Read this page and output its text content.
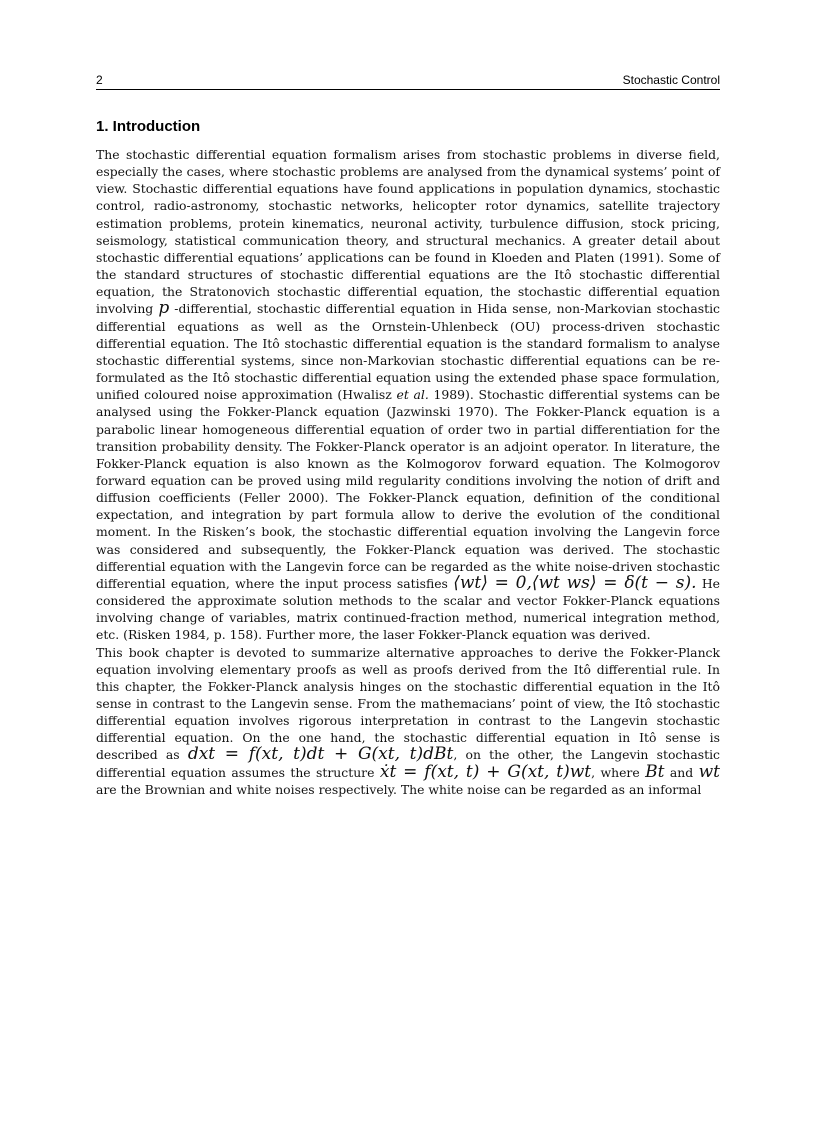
2	Stochastic Control
1. Introduction

The stochastic differential equation formalism arises from stochastic problems in diverse field, especially the cases, where stochastic problems are analysed from the dynamical systems’ point of view. Stochastic differential equations have found applications in population dynamics, stochastic control, radio-astronomy, stochastic networks, helicopter rotor dynamics, satellite trajectory estimation problems, protein kinematics, neuronal activity, turbulence diffusion, stock pricing, seismology, statistical communication theory, and structural mechanics. A greater detail about stochastic differential equations’ applications can be found in Kloeden and Platen (1991). Some of the standard structures of stochastic differential equations are the Itô stochastic differential equation, the Stratonovich stochastic differential equation, the stochastic differential equation involving p -differential, stochastic differential equation in Hida sense, non-Markovian stochastic differential equations as well as the Ornstein-Uhlenbeck (OU) process-driven stochastic differential equation. The Itô stochastic differential equation is the standard formalism to analyse stochastic differential systems, since non-Markovian stochastic differential equations can be re-formulated as the Itô stochastic differential equation using the extended phase space formulation, unified coloured noise approximation (Hwalisz et al. 1989). Stochastic differential systems can be analysed using the Fokker-Planck equation (Jazwinski 1970). The Fokker-Planck equation is a parabolic linear homogeneous differential equation of order two in partial differentiation for the transition probability density. The Fokker-Planck operator is an adjoint operator. In literature, the Fokker-Planck equation is also known as the Kolmogorov forward equation. The Kolmogorov forward equation can be proved using mild regularity conditions involving the notion of drift and diffusion coefficients (Feller 2000). The Fokker-Planck equation, definition of the conditional expectation, and integration by part formula allow to derive the evolution of the conditional moment. In the Risken’s book, the stochastic differential equation involving the Langevin force was considered and subsequently, the Fokker-Planck equation was derived. The stochastic differential equation with the Langevin force can be regarded as the white noise-driven stochastic differential equation, where the input process satisfies ⟨wt⟩ = 0,⟨wt ws⟩ = δ(t − s). He considered the approximate solution methods to the scalar and vector Fokker-Planck equations involving change of variables, matrix continued-fraction method, numerical integration method, etc. (Risken 1984, p. 158). Further more, the laser Fokker-Planck equation was derived.

This book chapter is devoted to summarize alternative approaches to derive the Fokker-Planck equation involving elementary proofs as well as proofs derived from the Itô differential rule. In this chapter, the Fokker-Planck analysis hinges on the stochastic differential equation in the Itô sense in contrast to the Langevin sense. From the mathemacians’ point of view, the Itô stochastic differential equation involves rigorous interpretation in contrast to the Langevin stochastic differential equation. On the one hand, the stochastic differential equation in Itô sense is described as dxt = f(xt, t)dt + G(xt, t)dBt, on the other, the Langevin stochastic differential equation assumes the structure ẋt = f(xt, t) + G(xt, t)wt, where Bt and wt are the Brownian and white noises respectively. The white noise can be regarded as an informal
